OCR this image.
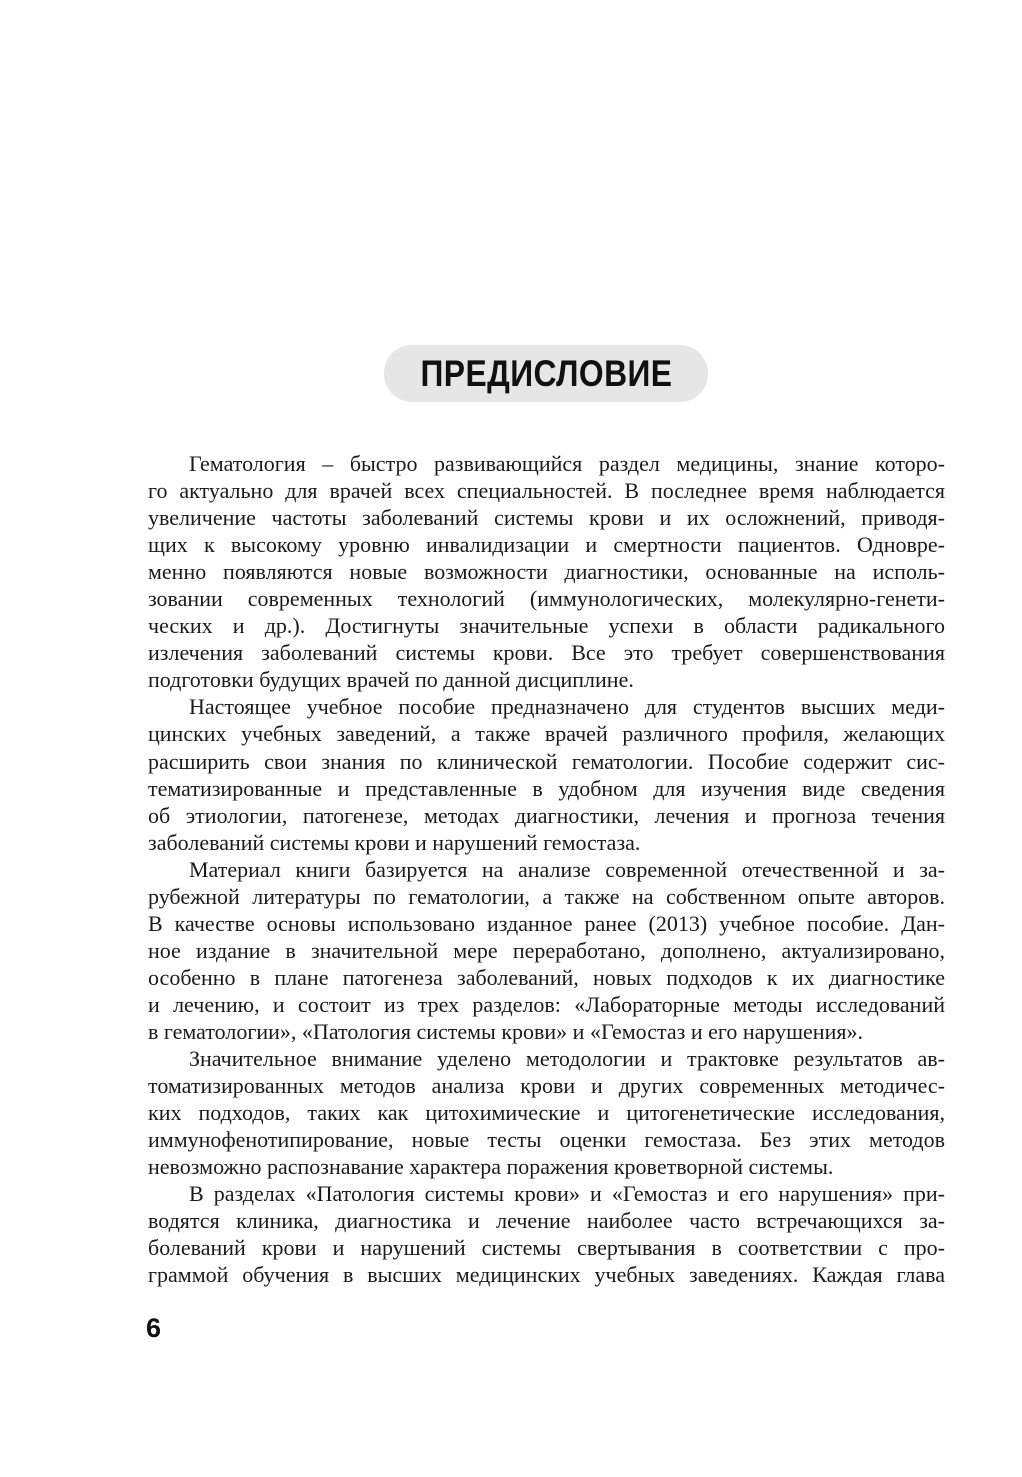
ПРЕДИСЛОВИЕ
Гематология – быстро развивающийся раздел медицины, знание которо-
го актуально для врачей всех специальностей. В последнее время наблюдается
увеличение частоты заболеваний системы крови и их осложнений, приводя-
щих к высокому уровню инвалидизации и смертности пациентов. Одновре-
менно появляются новые возможности диагностики, основанные на исполь-
зовании современных технологий (иммунологических, молекулярно-генети-
ческих и др.). Достигнуты значительные успехи в области радикального
излечения заболеваний системы крови. Все это требует совершенствования
подготовки будущих врачей по данной дисциплине.
Настоящее учебное пособие предназначено для студентов высших меди-
цинских учебных заведений, а также врачей различного профиля, желающих
расширить свои знания по клинической гематологии. Пособие содержит сис-
тематизированные и представленные в удобном для изучения виде сведения
об этиологии, патогенезе, методах диагностики, лечения и прогноза течения
заболеваний системы крови и нарушений гемостаза.
Материал книги базируется на анализе современной отечественной и за-
рубежной литературы по гематологии, а также на собственном опыте авторов.
В качестве основы использовано изданное ранее (2013) учебное пособие. Дан-
ное издание в значительной мере переработано, дополнено, актуализировано,
особенно в плане патогенеза заболеваний, новых подходов к их диагностике
и лечению, и состоит из трех разделов: «Лабораторные методы исследований
в гематологии», «Патология системы крови» и «Гемостаз и его нарушения».
Значительное внимание уделено методологии и трактовке результатов ав-
томатизированных методов анализа крови и других современных методичес-
ких подходов, таких как цитохимические и цитогенетические исследования,
иммунофенотипирование, новые тесты оценки гемостаза. Без этих методов
невозможно распознавание характера поражения кроветворной системы.
В разделах «Патология системы крови» и «Гемостаз и его нарушения» при-
водятся клиника, диагностика и лечение наиболее часто встречающихся за-
болеваний крови и нарушений системы свертывания в соответствии с про-
граммой обучения в высших медицинских учебных заведениях. Каждая глава
6
